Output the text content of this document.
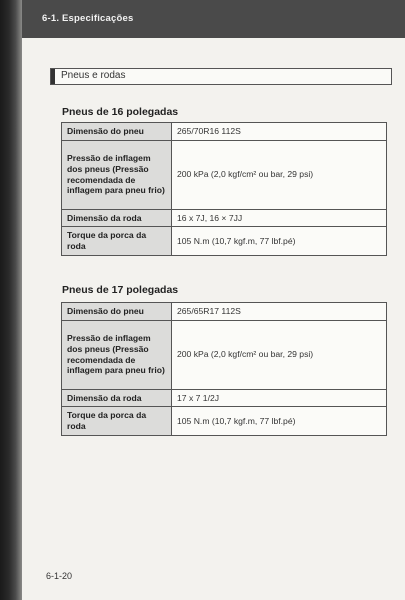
6-1. Especificações
Pneus e rodas
Pneus de 16 polegadas
Dimensão do pneu	265/70R16 112S
Pressão de inflagem dos pneus (Pressão recomendada de inflagem para pneu frio)	200 kPa (2,0 kgf/cm² ou bar, 29 psi)
Dimensão da roda	16 x 7J, 16 × 7JJ
Torque da porca da roda	105 N.m (10,7 kgf.m, 77 lbf.pé)
Pneus de 17 polegadas
Dimensão do pneu	265/65R17 112S
Pressão de inflagem dos pneus (Pressão recomendada de inflagem para pneu frio)	200 kPa (2,0 kgf/cm² ou bar, 29 psi)
Dimensão da roda	17 x 7 1/2J
Torque da porca da roda	105 N.m (10,7 kgf.m, 77 lbf.pé)
6-1-20
